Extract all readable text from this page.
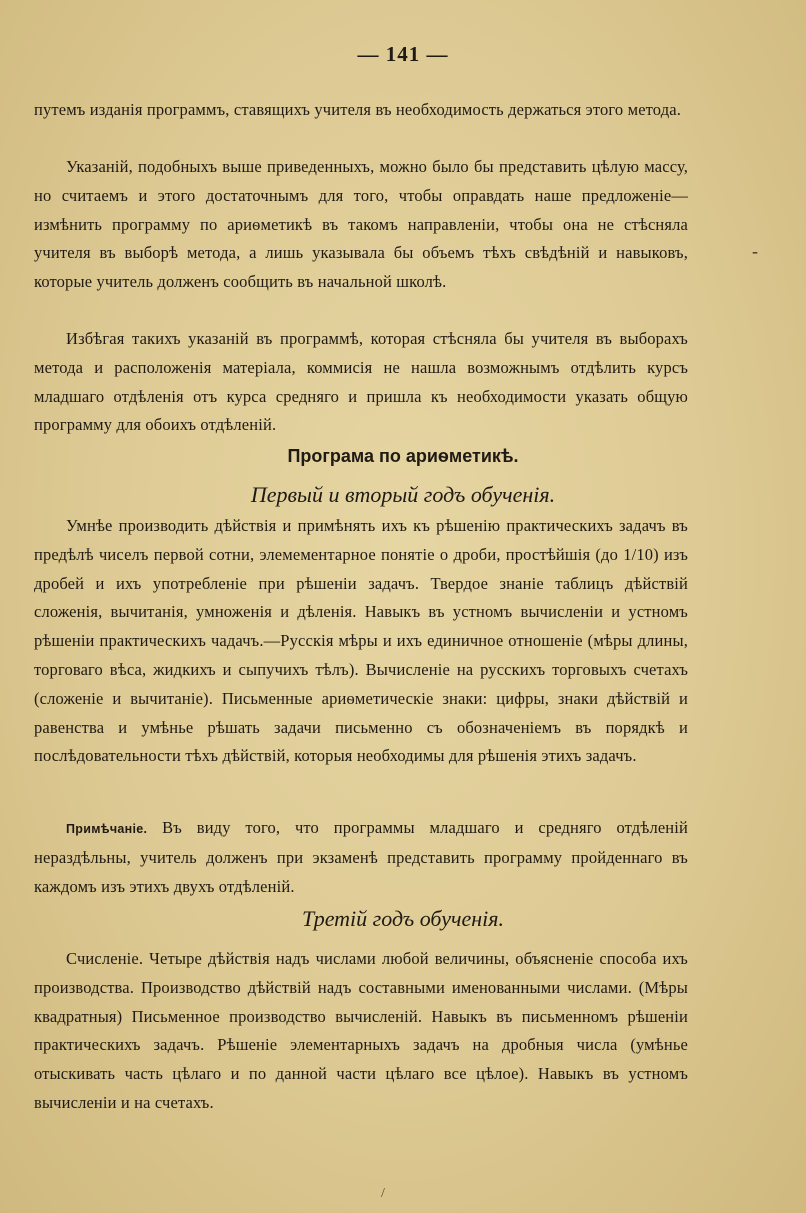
— 141 —
путемъ изданія программъ, ставящихъ учителя въ необходимость держаться этого метода.
Указаній, подобныхъ выше приведенныхъ, можно было бы представить цѣлую массу, но считаемъ и этого достаточнымъ для того, чтобы оправдать наше предложеніе—измѣнить программу по ариѳметикѣ въ такомъ направленіи, чтобы она не стѣсняла учителя въ выборѣ метода, а лишь указывала бы объемъ тѣхъ свѣдѣній и навыковъ, которые учитель долженъ сообщить въ начальной школѣ.
Избѣгая такихъ указаній въ программѣ, которая стѣсняла бы учителя въ выборахъ метода и расположенія матеріала, коммисія не нашла возможнымъ отдѣлить курсъ младшаго отдѣленія отъ курса средняго и пришла къ необходимости указать общую программу для обоихъ отдѣленій.
Програма по ариѳметикѣ.
Первый и вторый годъ обученія.
Умнѣе производить дѣйствія и примѣнять ихъ къ рѣшенію практическихъ задачъ въ предѣлѣ чиселъ первой сотни, элемементарное понятіе о дроби, простѣйшія (до 1/10) изъ дробей и ихъ употребленіе при рѣшеніи задачъ. Твердое знаніе таблицъ дѣйствій сложенія, вычитанія, умноженія и дѣленія. Навыкъ въ устномъ вычисленіи и устномъ рѣшеніи практическихъ чадачъ.—Русскія мѣры и ихъ единичное отношеніе (мѣры длины, торговаго вѣса, жидкихъ и сыпучихъ тѣлъ). Вычисленіе на русскихъ торговыхъ счетахъ (сложеніе и вычитаніе). Письменные ариѳметическіе знаки: цифры, знаки дѣйствій и равенства и умѣнье рѣшать задачи письменно съ обозначеніемъ въ порядкѣ и послѣдовательности тѣхъ дѣйствій, которыя необходимы для рѣшенія этихъ задачъ.
Примѣчаніе. Въ виду того, что программы младшаго и средняго отдѣленій нераздѣльны, учитель долженъ при экзаменѣ представить программу пройденнаго въ каждомъ изъ этихъ двухъ отдѣленій.
Третій годъ обученія.
Счисленіе. Четыре дѣйствія надъ числами любой величины, объясненіе способа ихъ производства. Производство дѣйствій надъ составными именованными числами. (Мѣры квадратныя) Письменное производство вычисленій. Навыкъ въ письменномъ рѣшеніи практическихъ задачъ. Рѣшеніе элементарныхъ задачъ на дробныя числа (умѣнье отыскивать часть цѣлаго и по данной части цѣлаго все цѣлое). Навыкъ въ устномъ вычисленіи и на счетахъ.
-
/
